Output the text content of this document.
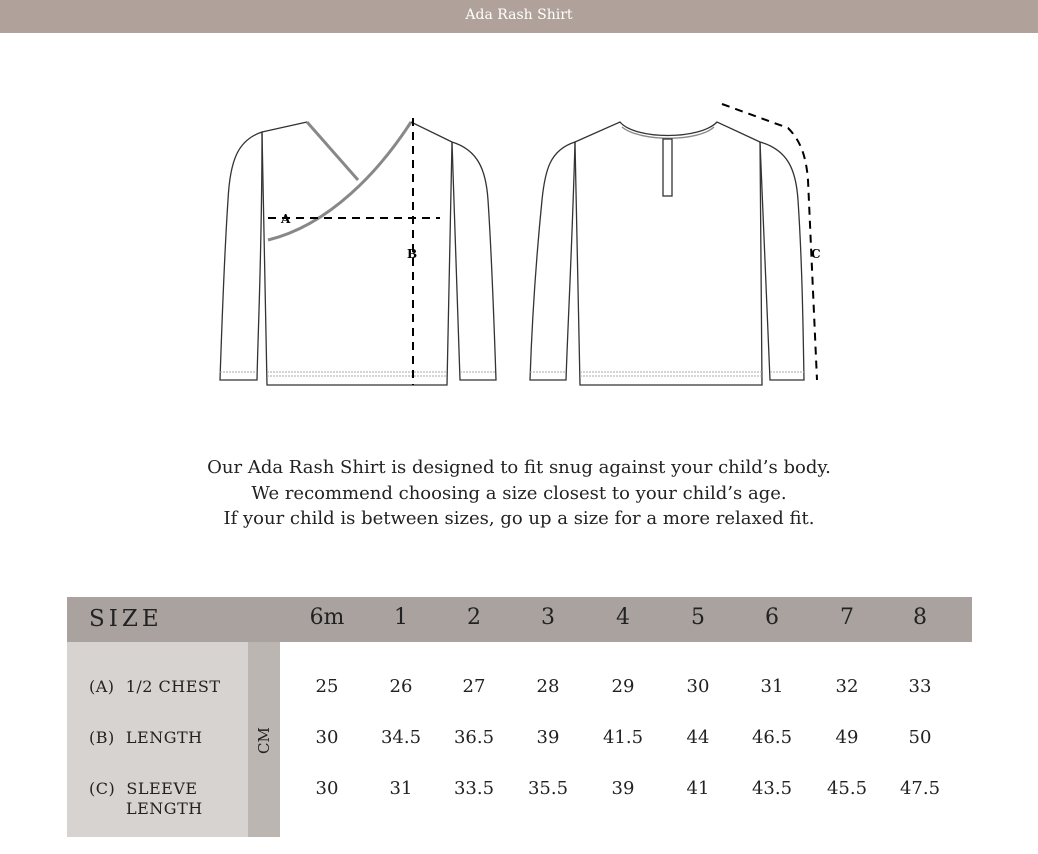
Ada Rash Shirt
A
B	C
Our Ada Rash Shirt is designed to fit snug against your child’s body.
We recommend choosing a size closest to your child’s age.
If your child is between sizes, go up a size for a more relaxed fit.
SIZE
CM
6m	1	2	3	4	5	6	7	8
(A)  1/2 CHEST	25	26	27	28	29	30	31	32	33
(B)  LENGTH	30	34.5	36.5	39	41.5	44	46.5	49	50
(C)  SLEEVE
LENGTH
30	31	33.5	35.5	39	41	43.5	45.5	47.5
